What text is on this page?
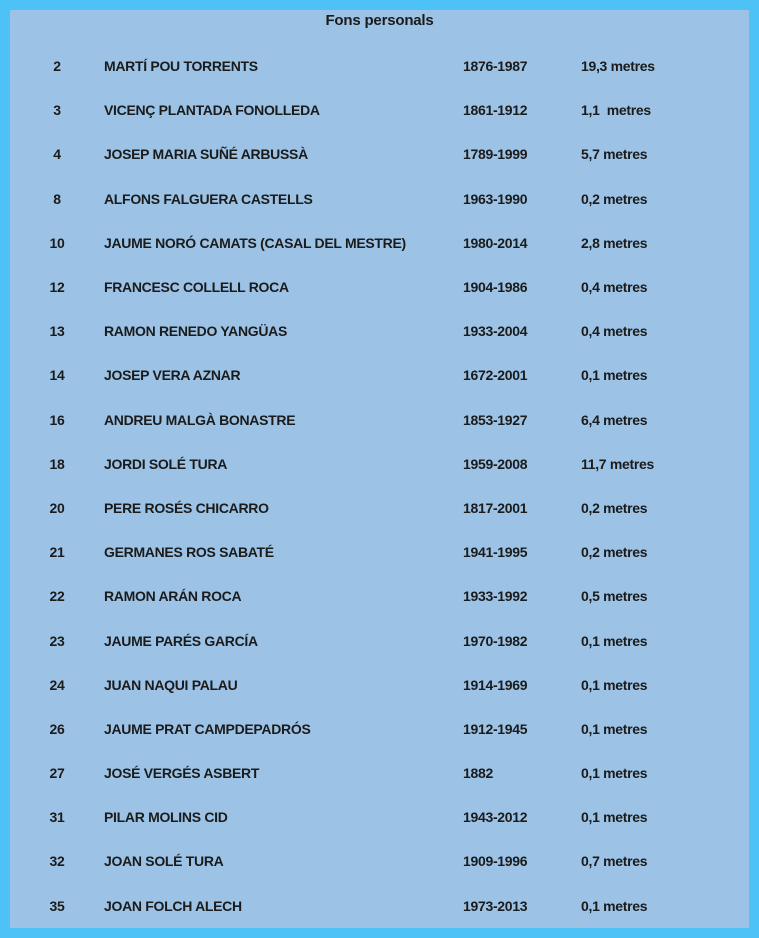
Fons personals
2	MARTÍ POU TORRENTS	1876-1987	19,3 metres
3	VICENÇ PLANTADA FONOLLEDA	1861-1912	1,1  metres
4	JOSEP MARIA SUÑÉ ARBUSSÀ	1789-1999	5,7 metres
8	ALFONS FALGUERA CASTELLS	1963-1990	0,2 metres
10	JAUME NORÓ CAMATS (CASAL DEL MESTRE)	1980-2014	2,8 metres
12	FRANCESC COLLELL ROCA	1904-1986	0,4 metres
13	RAMON RENEDO YANGÜAS	1933-2004	0,4 metres
14	JOSEP VERA AZNAR	1672-2001	0,1 metres
16	ANDREU MALGÀ BONASTRE	1853-1927	6,4 metres
18	JORDI SOLÉ TURA	1959-2008	11,7 metres
20	PERE ROSÉS CHICARRO	1817-2001	0,2 metres
21	GERMANES ROS SABATÉ	1941-1995	0,2 metres
22	RAMON ARÁN ROCA	1933-1992	0,5 metres
23	JAUME PARÉS GARCÍA	1970-1982	0,1 metres
24	JUAN NAQUI PALAU	1914-1969	0,1 metres
26	JAUME PRAT CAMPDEPADRÓS	1912-1945	0,1 metres
27	JOSÉ VERGÉS ASBERT	1882	0,1 metres
31	PILAR MOLINS CID	1943-2012	0,1 metres
32	JOAN SOLÉ TURA	1909-1996	0,7 metres
35	JOAN FOLCH ALECH	1973-2013	0,1 metres
